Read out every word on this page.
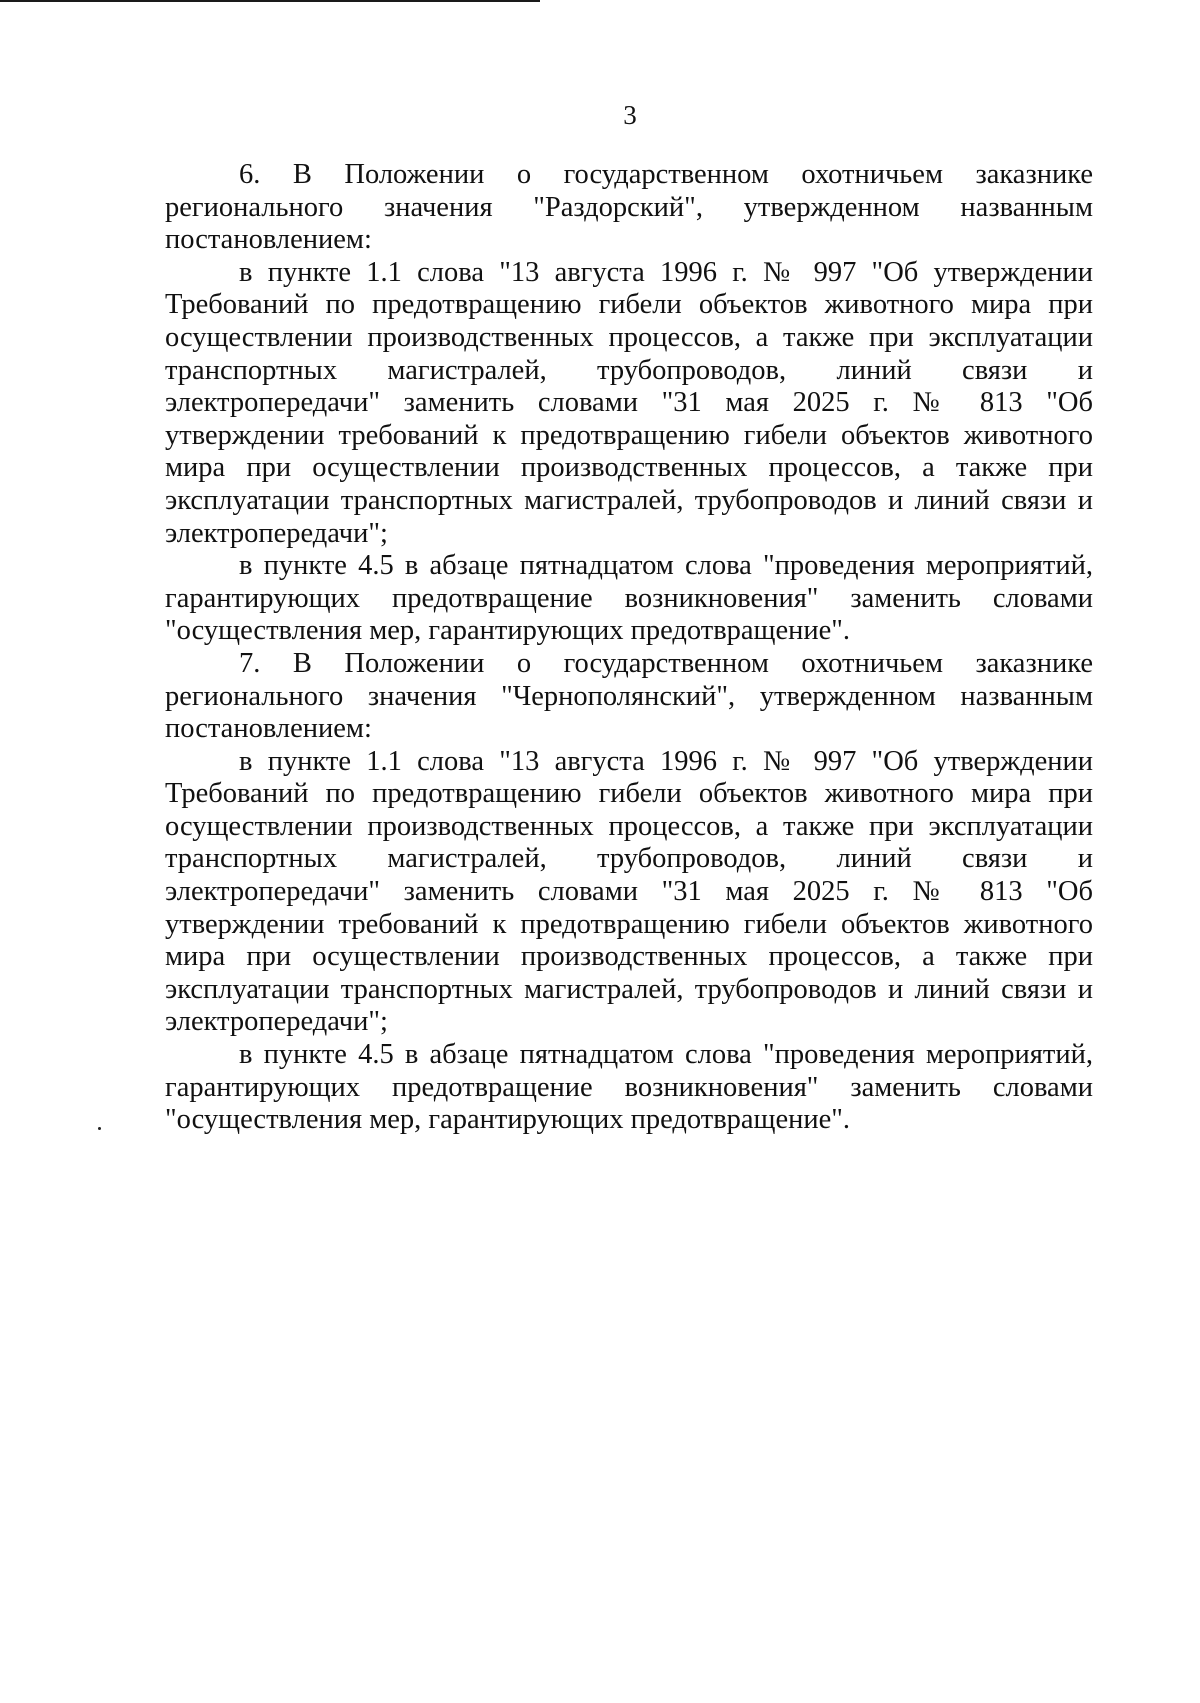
3

6. В Положении о государственном охотничьем заказнике регионального значения "Раздорский", утвержденном названным постановлением:

в пункте 1.1 слова "13 августа 1996 г. № 997 "Об утверждении Требований по предотвращению гибели объектов животного мира при осуществлении производственных процессов, а также при эксплуатации транспортных магистралей, трубопроводов, линий связи и электропередачи" заменить словами "31 мая 2025 г. № 813 "Об утверждении требований к предотвращению гибели объектов животного мира при осуществлении производственных процессов, а также при эксплуатации транспортных магистралей, трубопроводов и линий связи и электропередачи";

в пункте 4.5 в абзаце пятнадцатом слова "проведения мероприятий, гарантирующих предотвращение возникновения" заменить словами "осуществления мер, гарантирующих предотвращение".

7. В Положении о государственном охотничьем заказнике регионального значения "Чернополянский", утвержденном названным постановлением:

в пункте 1.1 слова "13 августа 1996 г. № 997 "Об утверждении Требований по предотвращению гибели объектов животного мира при осуществлении производственных процессов, а также при эксплуатации транспортных магистралей, трубопроводов, линий связи и электропередачи" заменить словами "31 мая 2025 г. № 813 "Об утверждении требований к предотвращению гибели объектов животного мира при осуществлении производственных процессов, а также при эксплуатации транспортных магистралей, трубопроводов и линий связи и электропередачи";

в пункте 4.5 в абзаце пятнадцатом слова "проведения мероприятий, гарантирующих предотвращение возникновения" заменить словами "осуществления мер, гарантирующих предотвращение".
